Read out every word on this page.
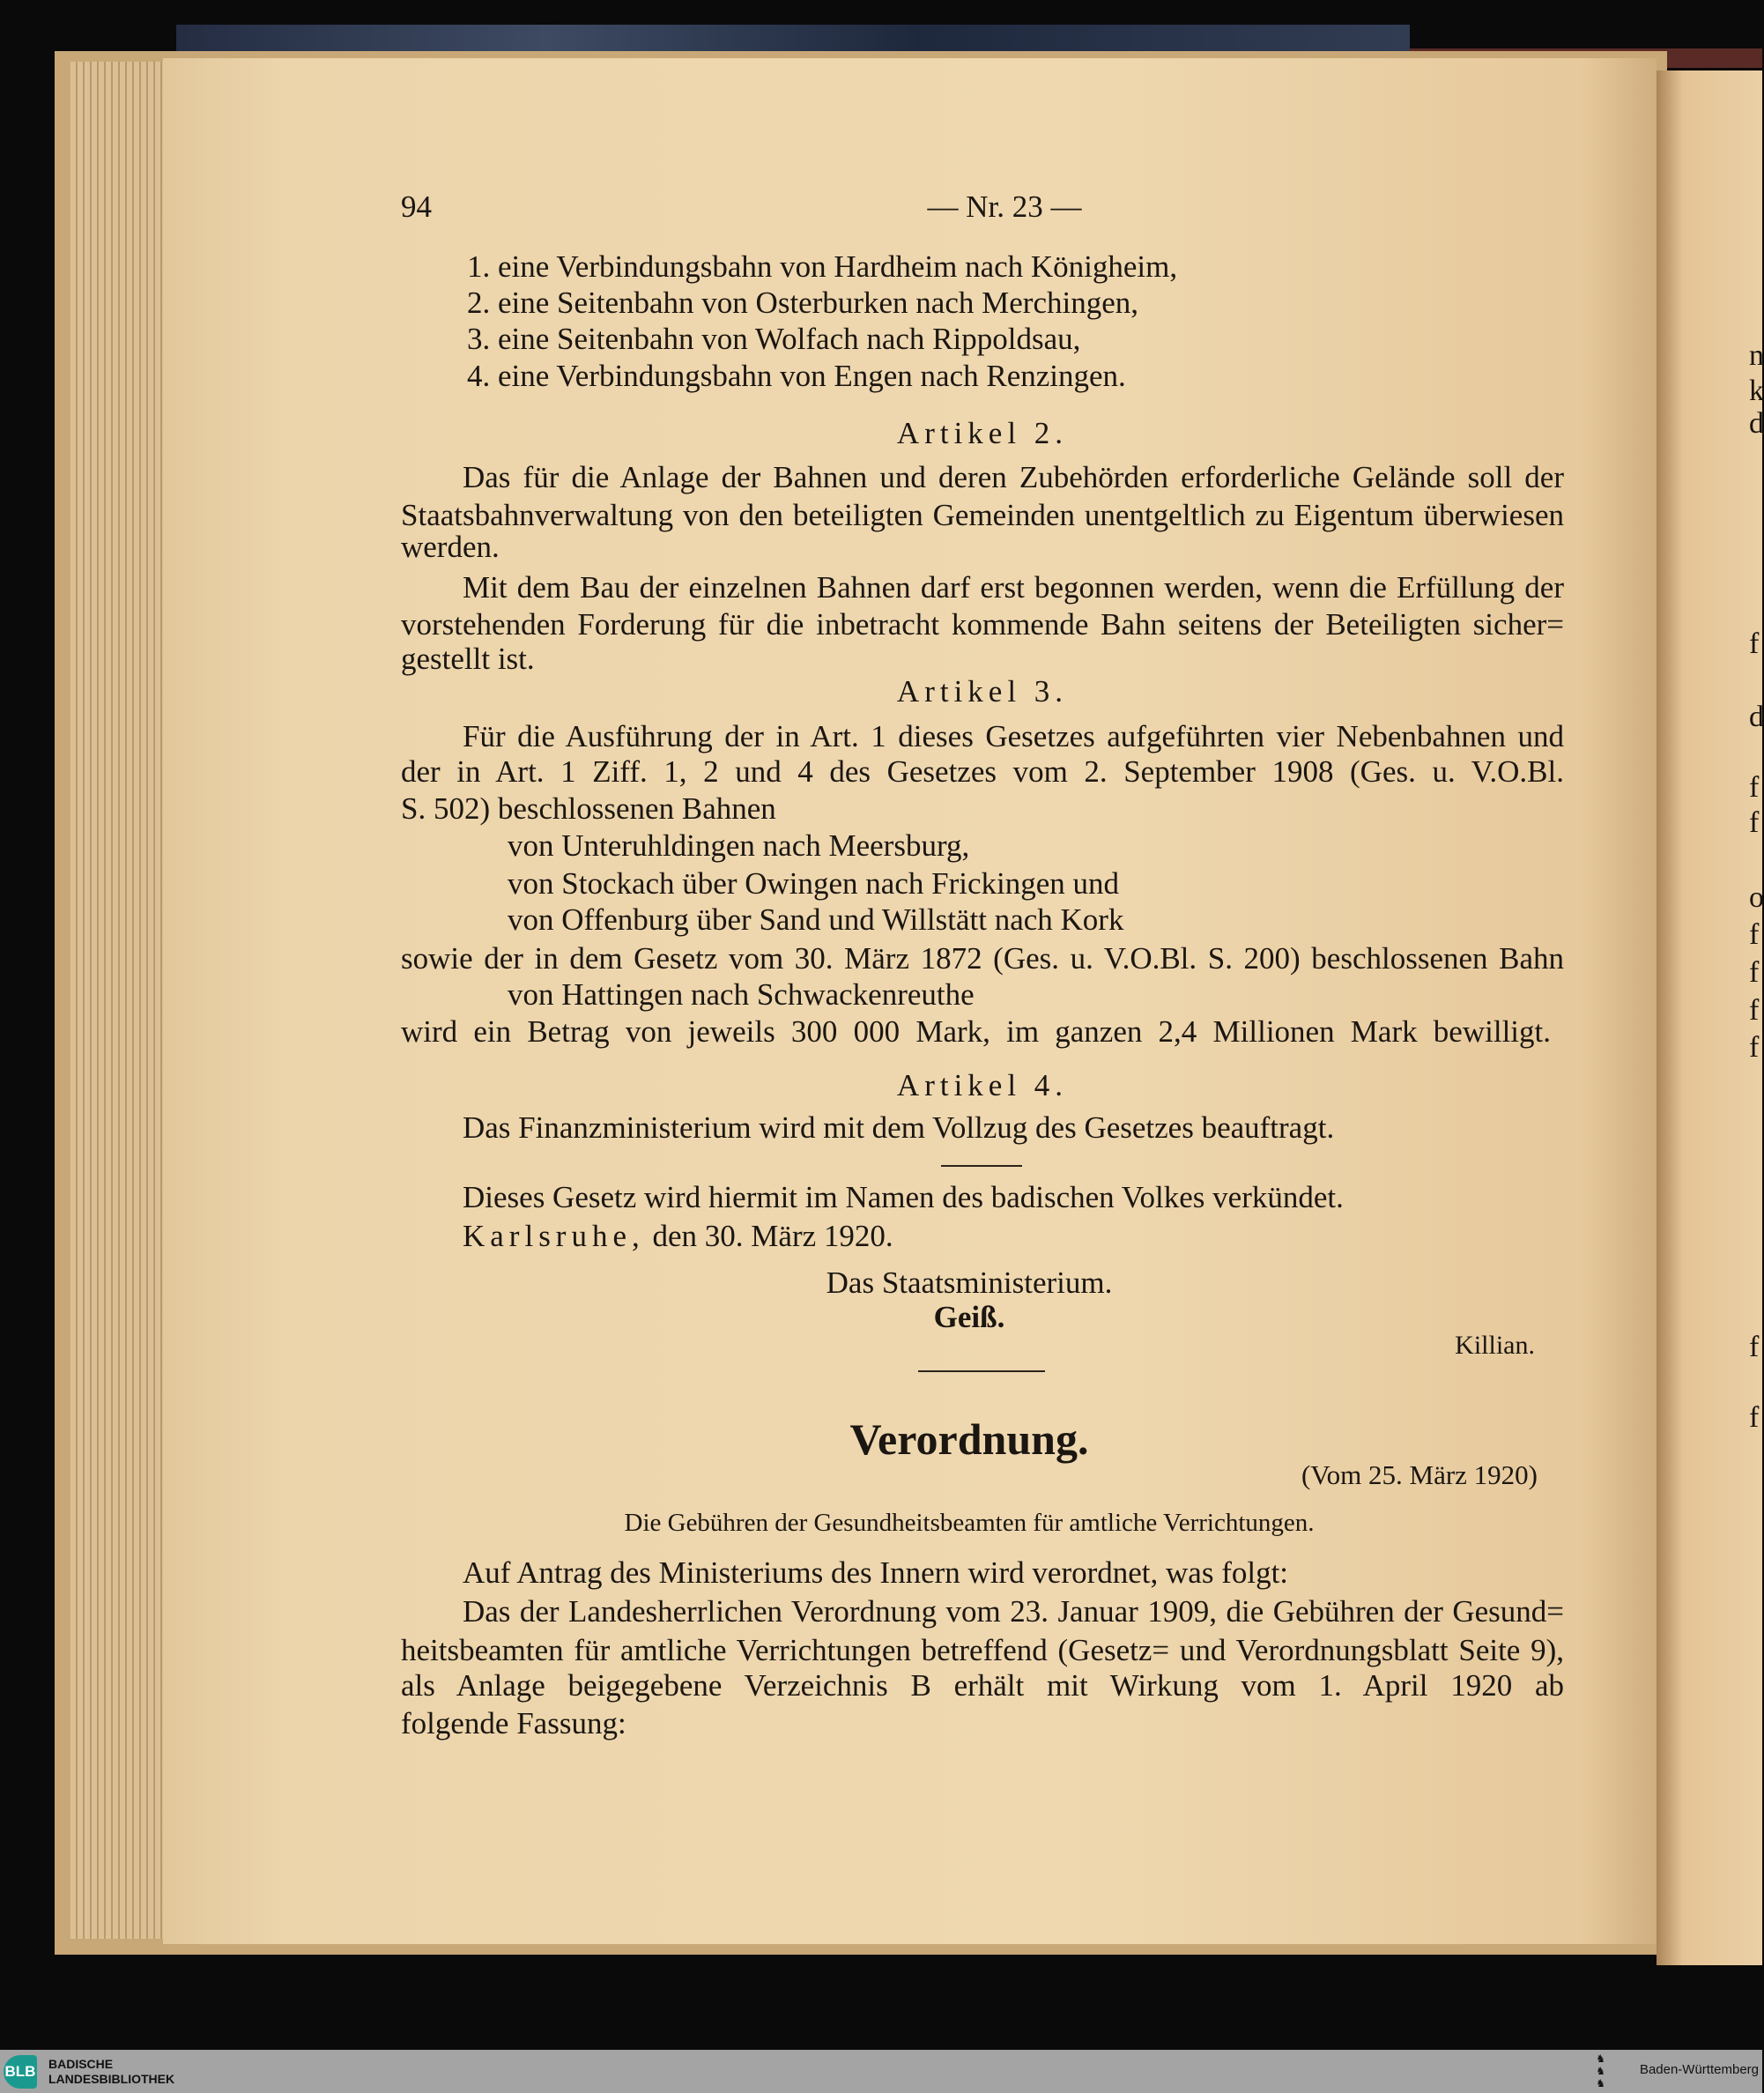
n
k
d
f
d
f
f
o
f
f
f
f
f
f
94	— Nr. 23 —
1. eine Verbindungsbahn von Hardheim nach Königheim,
2. eine Seitenbahn von Osterburken nach Merchingen,
3. eine Seitenbahn von Wolfach nach Rippoldsau,
4. eine Verbindungsbahn von Engen nach Renzingen.
Artikel 2.
Das für die Anlage der Bahnen und deren Zubehörden erforderliche Gelände soll der
Staatsbahnverwaltung von den beteiligten Gemeinden unentgeltlich zu Eigentum überwiesen
werden.
Mit dem Bau der einzelnen Bahnen darf erst begonnen werden, wenn die Erfüllung der
vorstehenden Forderung für die inbetracht kommende Bahn seitens der Beteiligten sicher=
gestellt ist.
Artikel 3.
Für die Ausführung der in Art. 1 dieses Gesetzes aufgeführten vier Nebenbahnen und
der in Art. 1 Ziff. 1, 2 und 4 des Gesetzes vom 2. September 1908 (Ges. u. V.O.Bl.
S. 502) beschlossenen Bahnen
von Unteruhldingen nach Meersburg,
von Stockach über Owingen nach Frickingen und
von Offenburg über Sand und Willstätt nach Kork
sowie der in dem Gesetz vom 30. März 1872 (Ges. u. V.O.Bl. S. 200) beschlossenen Bahn
von Hattingen nach Schwackenreuthe
wird ein Betrag von jeweils 300 000 Mark, im ganzen 2,4 Millionen Mark bewilligt.
Artikel 4.
Das Finanzministerium wird mit dem Vollzug des Gesetzes beauftragt.
Dieses Gesetz wird hiermit im Namen des badischen Volkes verkündet.
Karlsruhe, den 30. März 1920.
Das Staatsministerium.
Geiß.
Killian.
Verordnung.
(Vom 25. März 1920)
Die Gebühren der Gesundheitsbeamten für amtliche Verrichtungen.
Auf Antrag des Ministeriums des Innern wird verordnet, was folgt:
Das der Landesherrlichen Verordnung vom 23. Januar 1909, die Gebühren der Gesund=
heitsbeamten für amtliche Verrichtungen betreffend (Gesetz= und Verordnungsblatt Seite 9),
als Anlage beigegebene Verzeichnis B erhält mit Wirkung vom 1. April 1920 ab
folgende Fassung:
BLB BADISCHE
LANDESBIBLIOTHEK
♞
♞
♞
Baden-Württemberg
